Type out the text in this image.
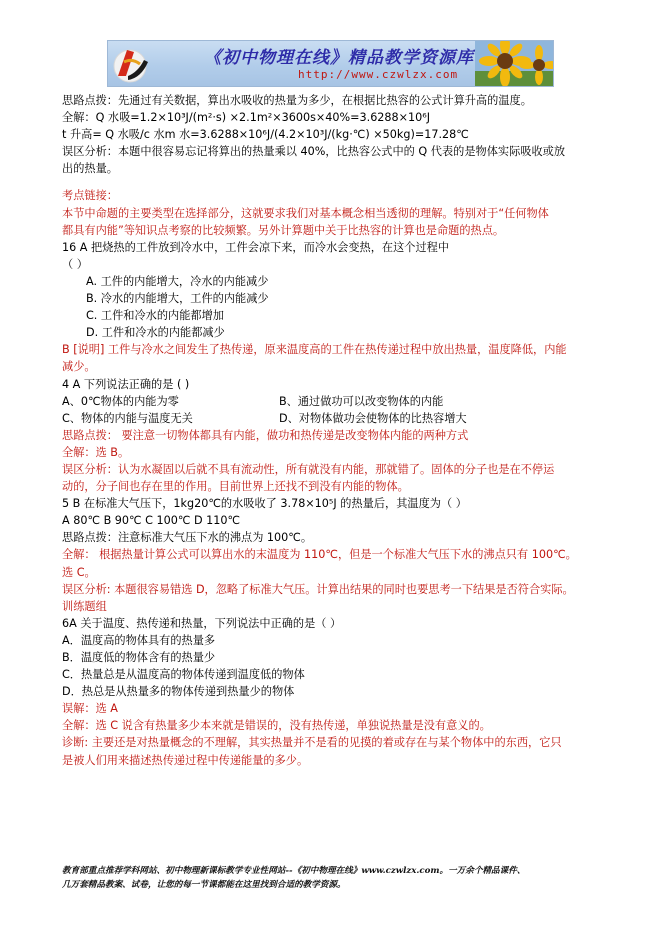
《初中物理在线》精品教学资源库
http://www.czwlzx.com
思路点拨：先通过有关数据，算出水吸收的热量为多少，在根据比热容的公式计算升高的温度。
全解：Q 水吸=1.2×10³J/(m²·s) ×2.1m²×3600s×40%=3.6288×10⁶J
t 升高= Q 水吸/c 水m 水=3.6288×10⁶J/(4.2×10³J/(kg·℃) ×50kg)=17.28℃
误区分析：本题中很容易忘记将算出的热量乘以 40%，比热容公式中的 Q 代表的是物体实际吸收或放
出的热量。
考点链接：
本节中命题的主要类型在选择部分，这就要求我们对基本概念相当透彻的理解。特别对于“任何物体
都具有内能”等知识点考察的比较频繁。另外计算题中关于比热容的计算也是命题的热点。
16 A 把烧热的工件放到冷水中，工件会凉下来，而冷水会变热，在这个过程中
（ ）
A. 工件的内能增大，冷水的内能减少
B. 冷水的内能增大，工件的内能减少
C. 工件和冷水的内能都增加
D. 工件和冷水的内能都减少
B [说明] 工件与冷水之间发生了热传递，原来温度高的工件在热传递过程中放出热量，温度降低，内能
减少。
4 A 下列说法正确的是 ( )
A、0℃物体的内能为零	B、通过做功可以改变物体的内能
C、物体的内能与温度无关	D、对物体做功会使物体的比热容增大
思路点拨： 要注意一切物体都具有内能，做功和热传递是改变物体内能的两种方式
全解：选 B。
误区分析：认为水凝固以后就不具有流动性，所有就没有内能，那就错了。固体的分子也是在不停运
动的，分子间也存在里的作用。目前世界上还找不到没有内能的物体。
5 B 在标准大气压下，1kg20℃的水吸收了 3.78×10⁵J 的热量后，其温度为（ ）
A 80℃ B 90℃ C 100℃ D 110℃
思路点拨：注意标准大气压下水的沸点为 100℃。
全解： 根据热量计算公式可以算出水的末温度为 110℃，但是一个标准大气压下水的沸点只有 100℃。
选 C。
误区分析: 本题很容易错选 D，忽略了标准大气压。计算出结果的同时也要思考一下结果是否符合实际。
训练题组
6A 关于温度、热传递和热量，下列说法中正确的是（ ）
A．温度高的物体具有的热量多
B．温度低的物体含有的热量少
C．热量总是从温度高的物体传递到温度低的物体
D．热总是从热量多的物体传递到热量少的物体
误解：选 A
全解：选 C 说含有热量多少本来就是错误的，没有热传递，单独说热量是没有意义的。
诊断: 主要还是对热量概念的不理解，其实热量并不是看的见摸的着或存在与某个物体中的东西，它只
是被人们用来描述热传递过程中传递能量的多少。
教育部重点推荐学科网站、初中物理新课标教学专业性网站--《初中物理在线》www.czwlzx.com。一万余个精品课件、
几万套精品教案、试卷，让您的每一节课都能在这里找到合适的教学资源。
